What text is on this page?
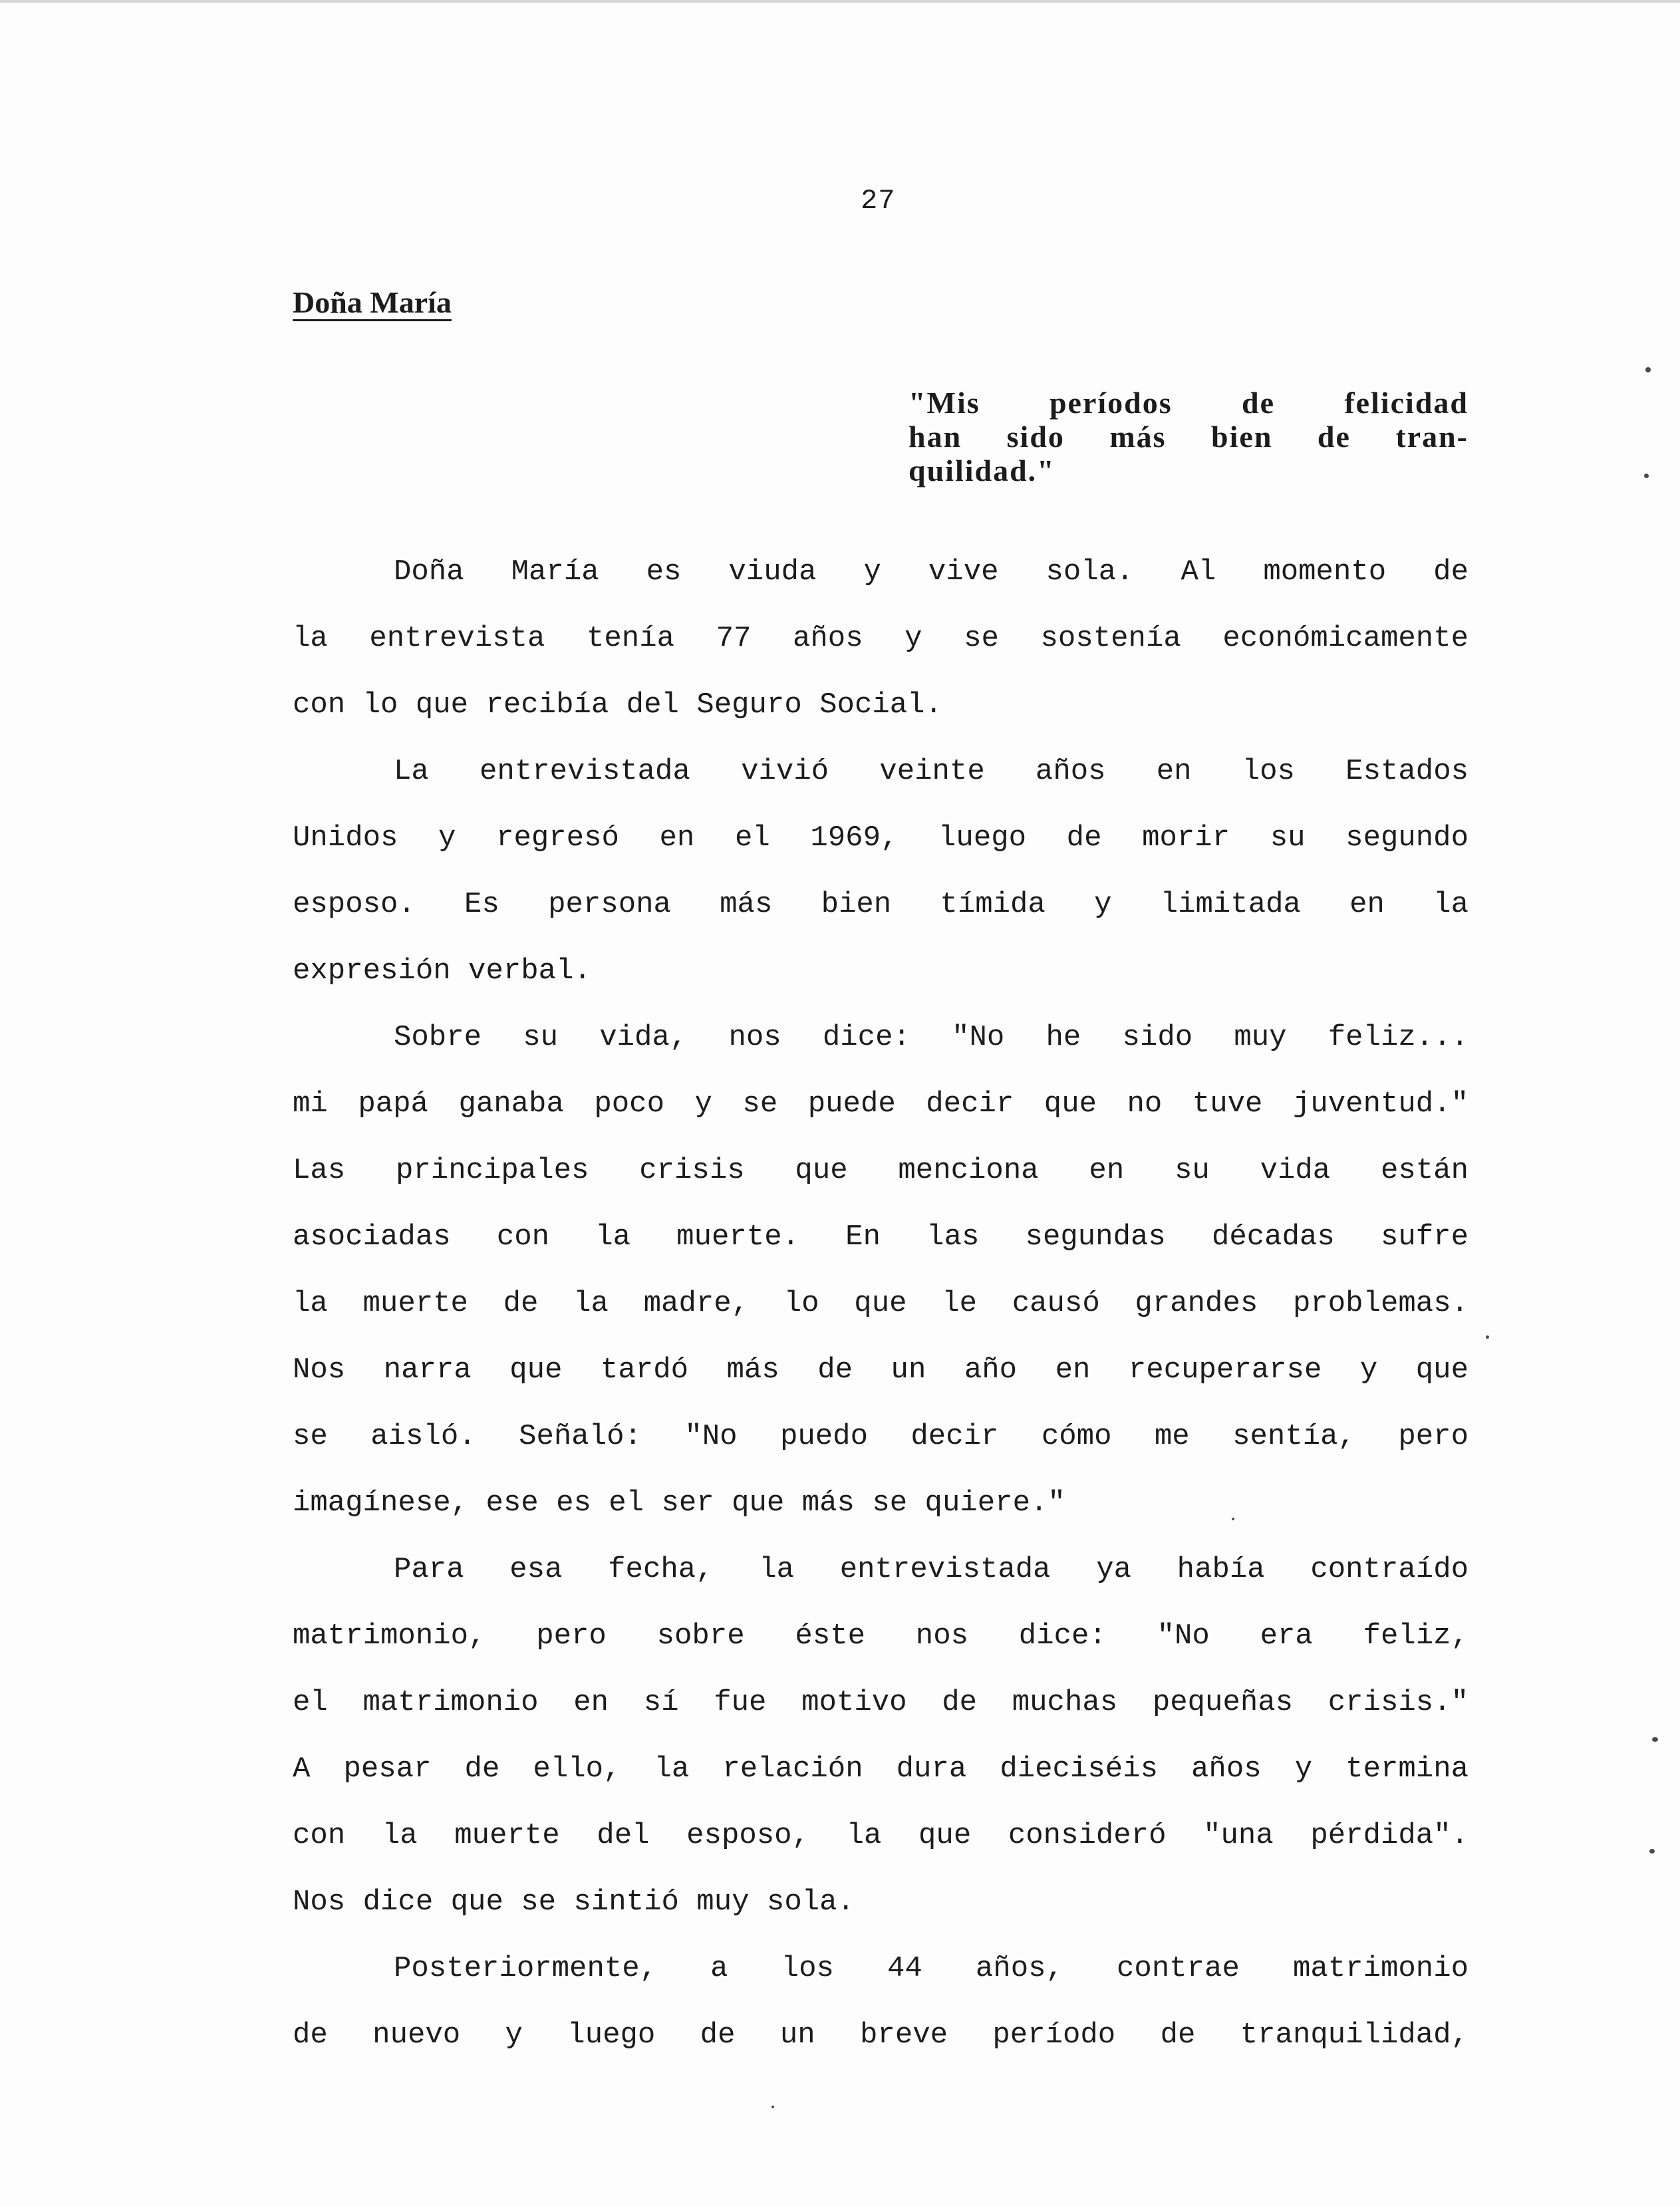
27
Doña María
"Mis períodos de felicidad
han sido más bien de tran-
quilidad."
Doña María es viuda y vive sola. Al momento de
la entrevista tenía 77 años y se sostenía económicamente
con lo que recibía del Seguro Social.
La entrevistada vivió veinte años en los Estados
Unidos y regresó en el 1969, luego de morir su segundo
esposo. Es persona más bien tímida y limitada en la
expresión verbal.
Sobre su vida, nos dice: "No he sido muy feliz...
mi papá ganaba poco y se puede decir que no tuve juventud."
Las principales crisis que menciona en su vida están
asociadas con la muerte. En las segundas décadas sufre
la muerte de la madre, lo que le causó grandes problemas.
Nos narra que tardó más de un año en recuperarse y que
se aisló. Señaló: "No puedo decir cómo me sentía, pero
imagínese, ese es el ser que más se quiere."
Para esa fecha, la entrevistada ya había contraído
matrimonio, pero sobre éste nos dice: "No era feliz,
el matrimonio en sí fue motivo de muchas pequeñas crisis."
A pesar de ello, la relación dura dieciséis años y termina
con la muerte del esposo, la que consideró "una pérdida".
Nos dice que se sintió muy sola.
Posteriormente, a los 44 años, contrae matrimonio
de nuevo y luego de un breve período de tranquilidad,
